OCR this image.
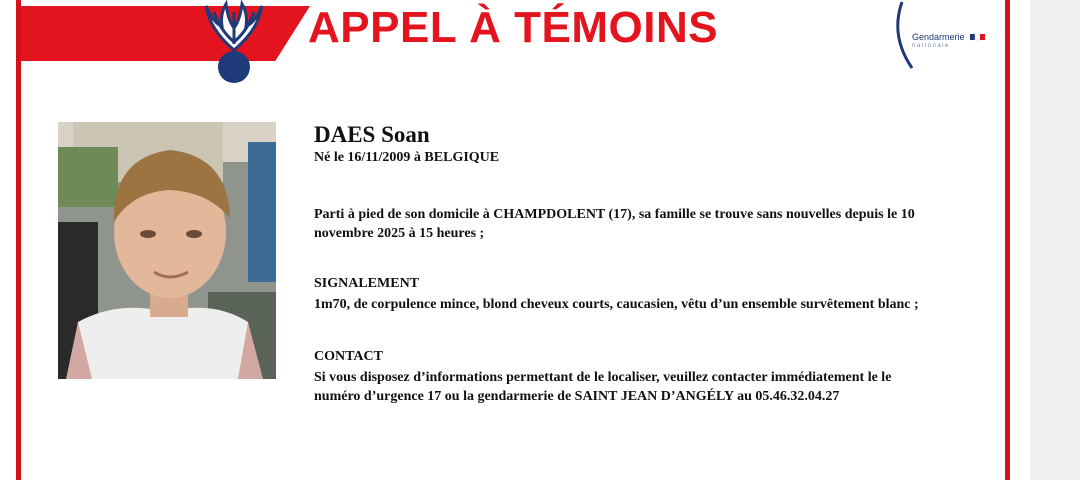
APPEL À TÉMOINS	Gendarmerie
nationale
DAES Soan
Né le 16/11/2009 à BELGIQUE
Parti à pied de son domicile à CHAMPDOLENT (17), sa famille se trouve sans nouvelles depuis le 10 novembre 2025 à 15 heures ;
SIGNALEMENT
1m70, de corpulence mince, blond cheveux courts, caucasien, vêtu d’un ensemble survêtement blanc ;
CONTACT
Si vous disposez d’informations permettant de le localiser, veuillez contacter immédiatement le le numéro d’urgence 17 ou la gendarmerie de SAINT JEAN D’ANGÉLY au 05.46.32.04.27
